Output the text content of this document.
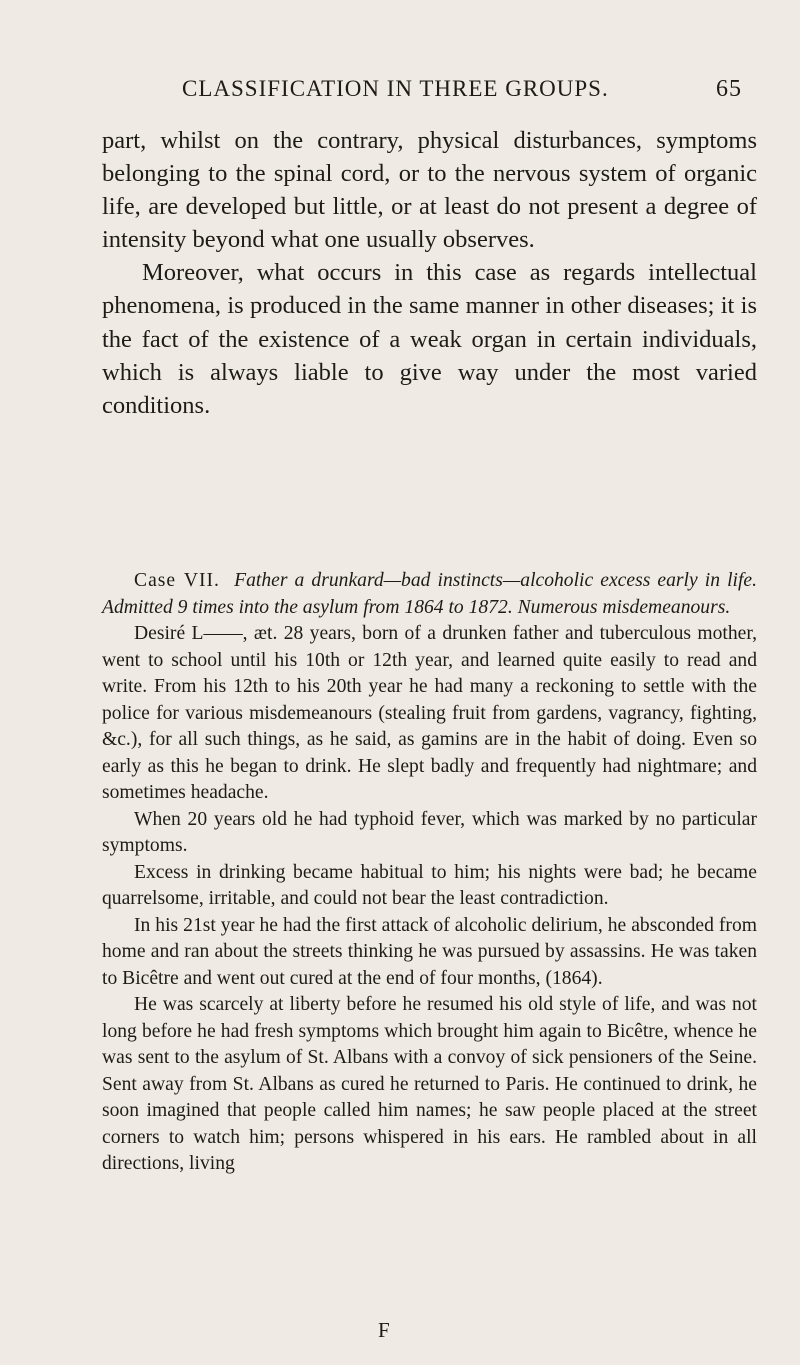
CLASSIFICATION IN THREE GROUPS.	65

part, whilst on the contrary, physical disturbances, symptoms belonging to the spinal cord, or to the nervous system of organic life, are developed but little, or at least do not present a degree of intensity beyond what one usually observes.

Moreover, what occurs in this case as regards intellectual phenomena, is produced in the same manner in other diseases; it is the fact of the existence of a weak organ in certain individuals, which is always liable to give way under the most varied conditions.

Case VII. Father a drunkard—bad instincts—alcoholic excess early in life. Admitted 9 times into the asylum from 1864 to 1872. Numerous misdemeanours.

Desiré L——, æt. 28 years, born of a drunken father and tuberculous mother, went to school until his 10th or 12th year, and learned quite easily to read and write. From his 12th to his 20th year he had many a reckoning to settle with the police for various misdemeanours (stealing fruit from gardens, vagrancy, fighting, &c.), for all such things, as he said, as gamins are in the habit of doing. Even so early as this he began to drink. He slept badly and frequently had nightmare; and sometimes headache.

When 20 years old he had typhoid fever, which was marked by no particular symptoms.

Excess in drinking became habitual to him; his nights were bad; he became quarrelsome, irritable, and could not bear the least contradiction.

In his 21st year he had the first attack of alcoholic delirium, he absconded from home and ran about the streets thinking he was pursued by assassins. He was taken to Bicêtre and went out cured at the end of four months, (1864).

He was scarcely at liberty before he resumed his old style of life, and was not long before he had fresh symptoms which brought him again to Bicêtre, whence he was sent to the asylum of St. Albans with a convoy of sick pensioners of the Seine. Sent away from St. Albans as cured he returned to Paris. He continued to drink, he soon imagined that people called him names; he saw people placed at the street corners to watch him; persons whispered in his ears. He rambled about in all directions, living

F
